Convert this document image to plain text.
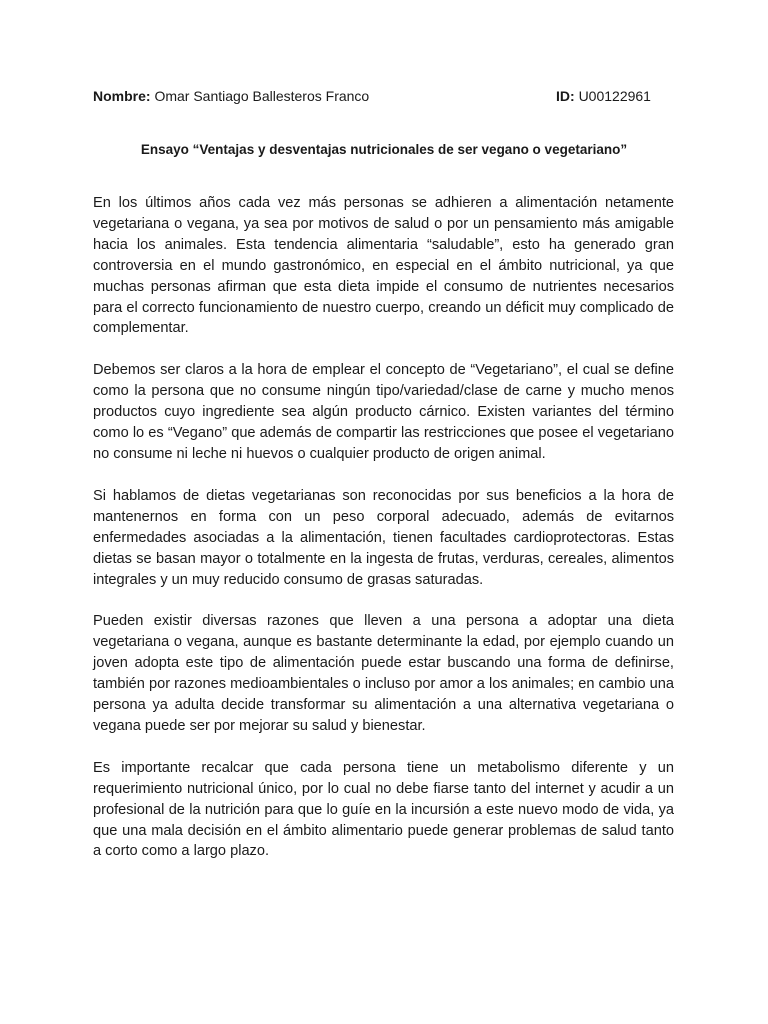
Nombre: Omar Santiago Ballesteros Franco	ID: U00122961
Ensayo “Ventajas y desventajas nutricionales de ser vegano o vegetariano”

En los últimos años cada vez más personas se adhieren a alimentación netamente vegetariana o vegana, ya sea por motivos de salud o por un pensamiento más amigable hacia los animales. Esta tendencia alimentaria “saludable”, esto ha generado gran controversia en el mundo gastronómico, en especial en el ámbito nutricional, ya que muchas personas afirman que esta dieta impide el consumo de nutrientes necesarios para el correcto funcionamiento de nuestro cuerpo, creando un déficit muy complicado de complementar.

Debemos ser claros a la hora de emplear el concepto de “Vegetariano”, el cual se define como la persona que no consume ningún tipo/variedad/clase de carne y mucho menos productos cuyo ingrediente sea algún producto cárnico. Existen variantes del término como lo es “Vegano” que además de compartir las restricciones que posee el vegetariano no consume ni leche ni huevos o cualquier producto de origen animal.

Si hablamos de dietas vegetarianas son reconocidas por sus beneficios a la hora de mantenernos en forma con un peso corporal adecuado, además de evitarnos enfermedades asociadas a la alimentación, tienen facultades cardioprotectoras. Estas dietas se basan mayor o totalmente en la ingesta de frutas, verduras, cereales, alimentos integrales y un muy reducido consumo de grasas saturadas.

Pueden existir diversas razones que lleven a una persona a adoptar una dieta vegetariana o vegana, aunque es bastante determinante la edad, por ejemplo cuando un joven adopta este tipo de alimentación puede estar buscando una forma de definirse, también por razones medioambientales o incluso por amor a los animales; en cambio una persona ya adulta decide transformar su alimentación a una alternativa vegetariana o vegana puede ser por mejorar su salud y bienestar.

Es importante recalcar que cada persona tiene un metabolismo diferente y un requerimiento nutricional único, por lo cual no debe fiarse tanto del internet y acudir a un profesional de la nutrición para que lo guíe en la incursión a este nuevo modo de vida, ya que una mala decisión en el ámbito alimentario puede generar problemas de salud tanto a corto como a largo plazo.
